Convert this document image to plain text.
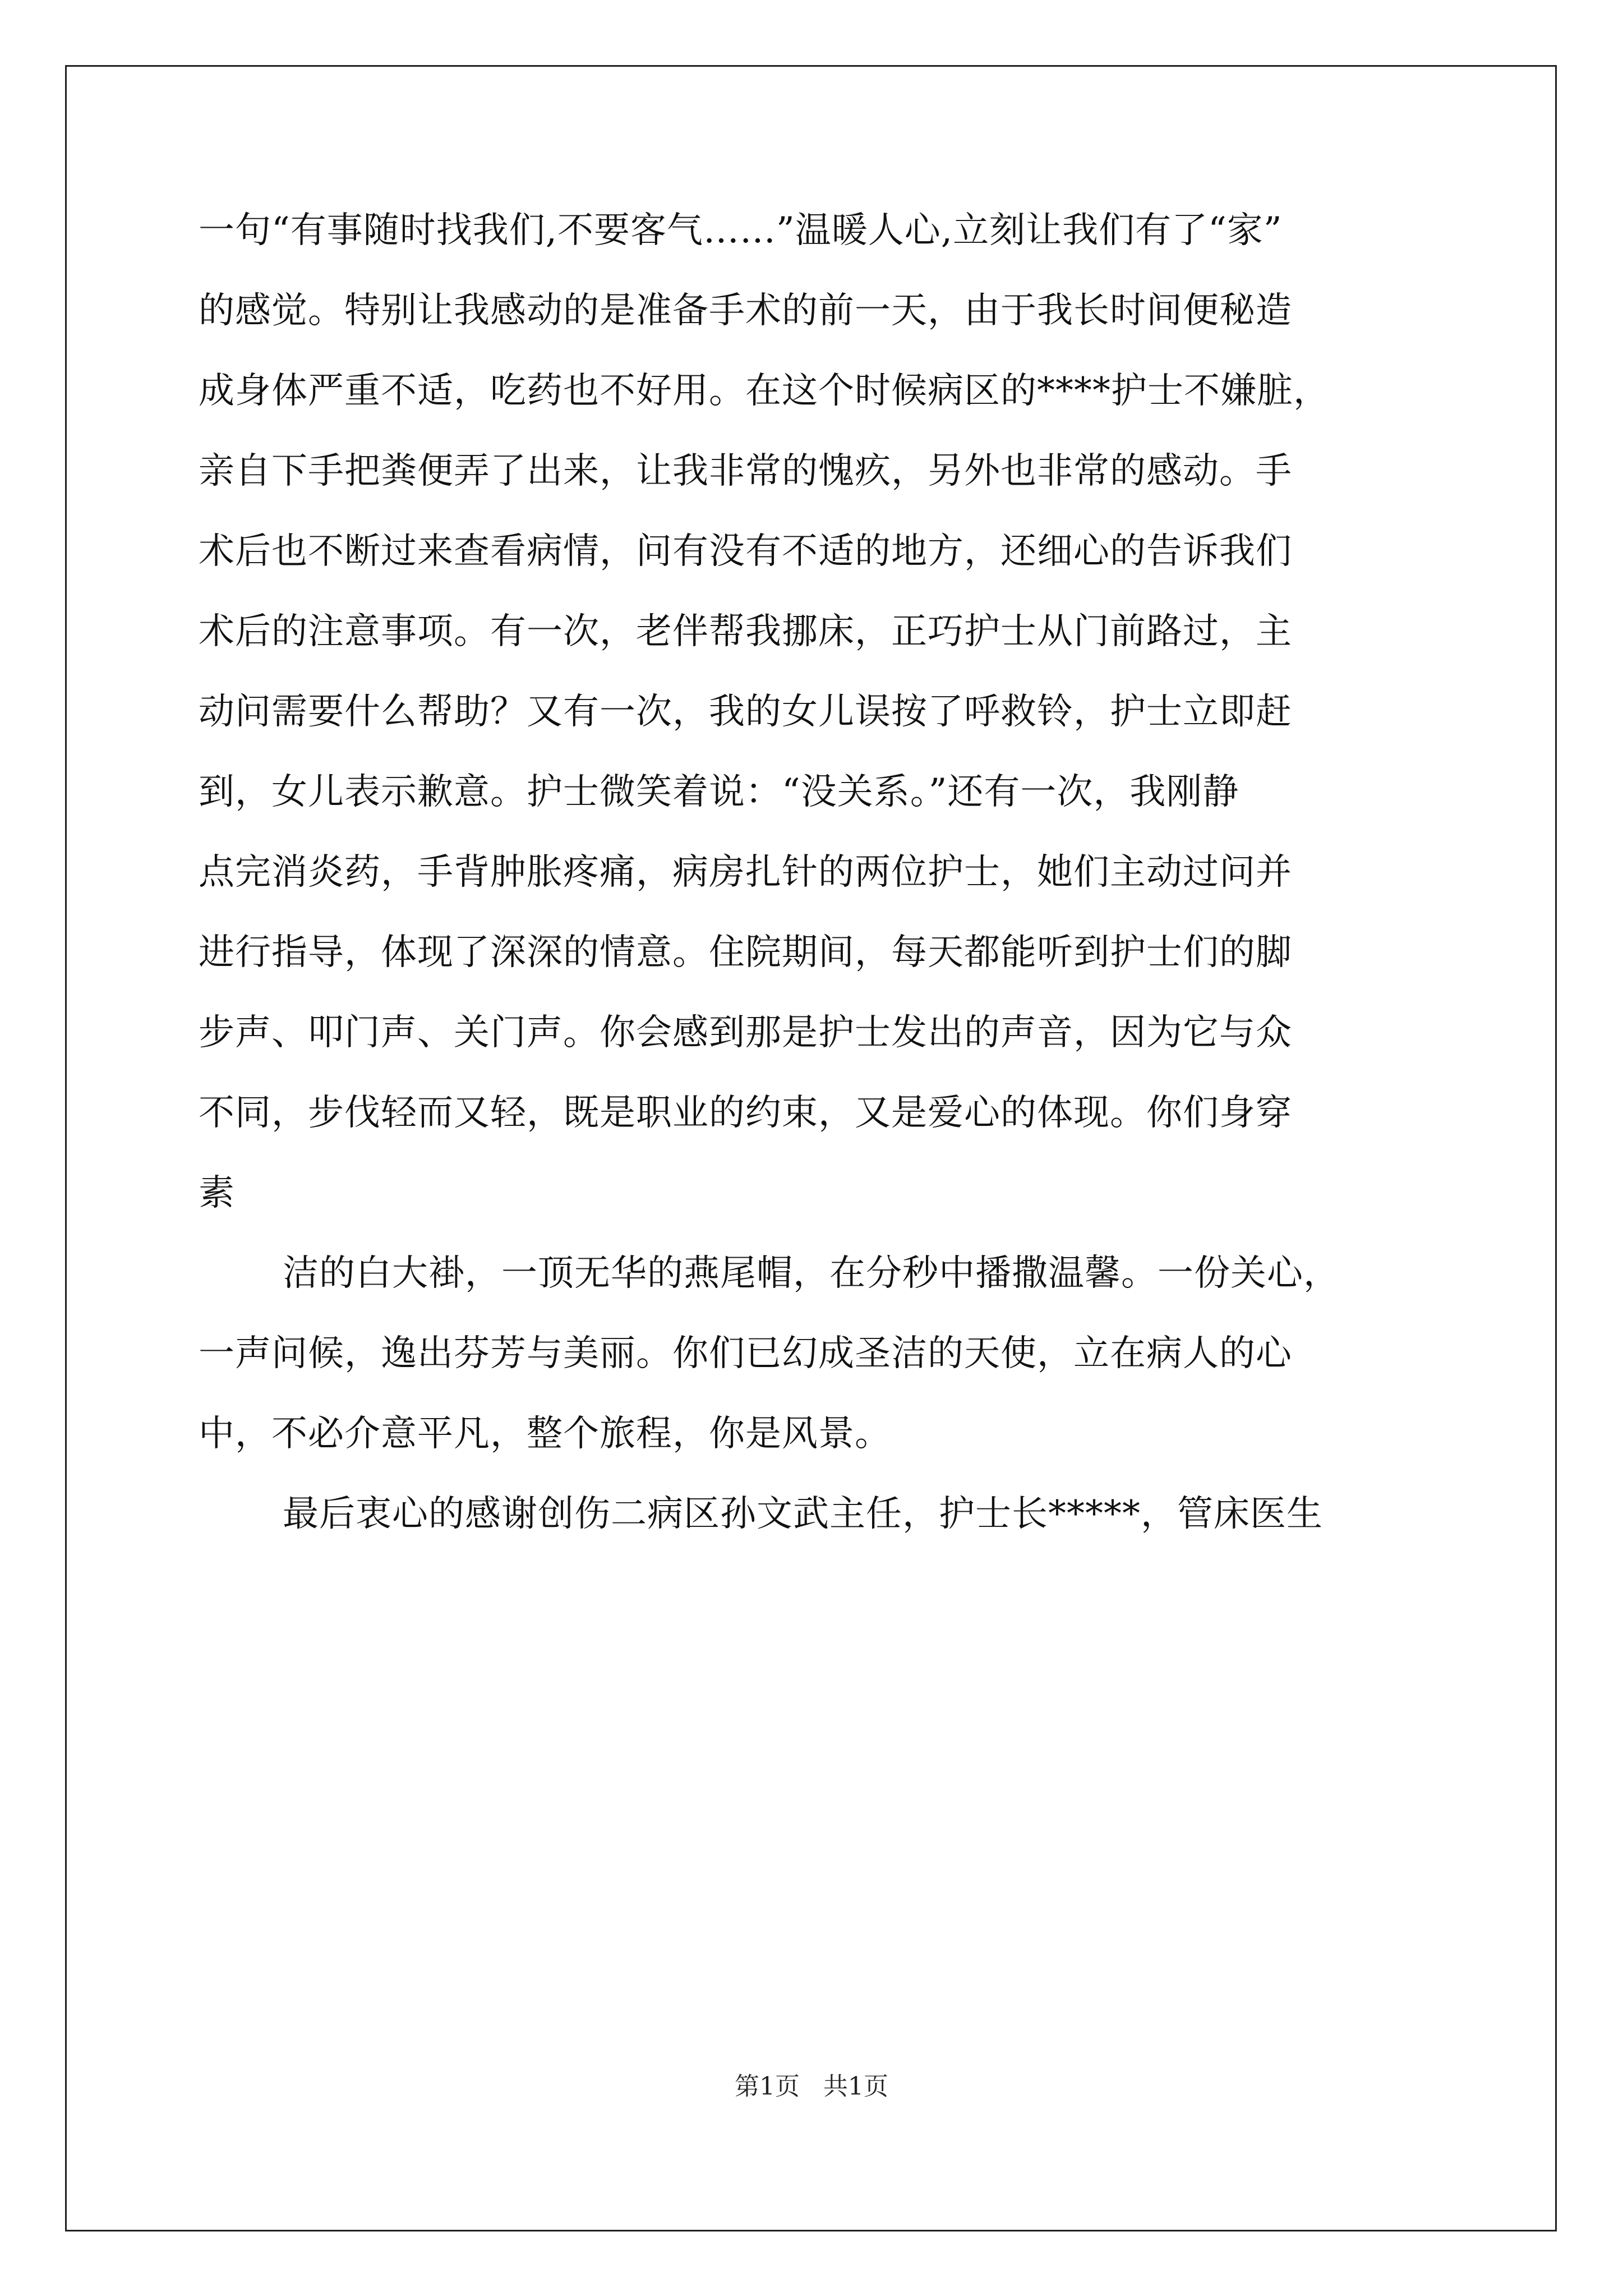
一句“有事随时找我们,不要客气……”温暖人心,立刻让我们有了“家”
的感觉。特别让我感动的是准备手术的前一天，由于我长时间便秘造
成身体严重不适，吃药也不好用。在这个时候病区的****护士不嫌脏，
亲自下手把粪便弄了出来，让我非常的愧疚，另外也非常的感动。手
术后也不断过来查看病情，问有没有不适的地方，还细心的告诉我们
术后的注意事项。有一次，老伴帮我挪床，正巧护士从门前路过，主
动问需要什么帮助？又有一次，我的女儿误按了呼救铃，护士立即赶
到，女儿表示歉意。护士微笑着说：“没关系。”还有一次，我刚静
点完消炎药，手背肿胀疼痛，病房扎针的两位护士，她们主动过问并
进行指导，体现了深深的情意。住院期间，每天都能听到护士们的脚
步声、叩门声、关门声。你会感到那是护士发出的声音，因为它与众
不同，步伐轻而又轻，既是职业的约束，又是爱心的体现。你们身穿
素
洁的白大褂，一顶无华的燕尾帽，在分秒中播撒温馨。一份关心，
一声问候，逸出芬芳与美丽。你们已幻成圣洁的天使，立在病人的心
中，不必介意平凡，整个旅程，你是风景。
最后衷心的感谢创伤二病区孙文武主任，护士长*****，管床医生
第1页   共1页
